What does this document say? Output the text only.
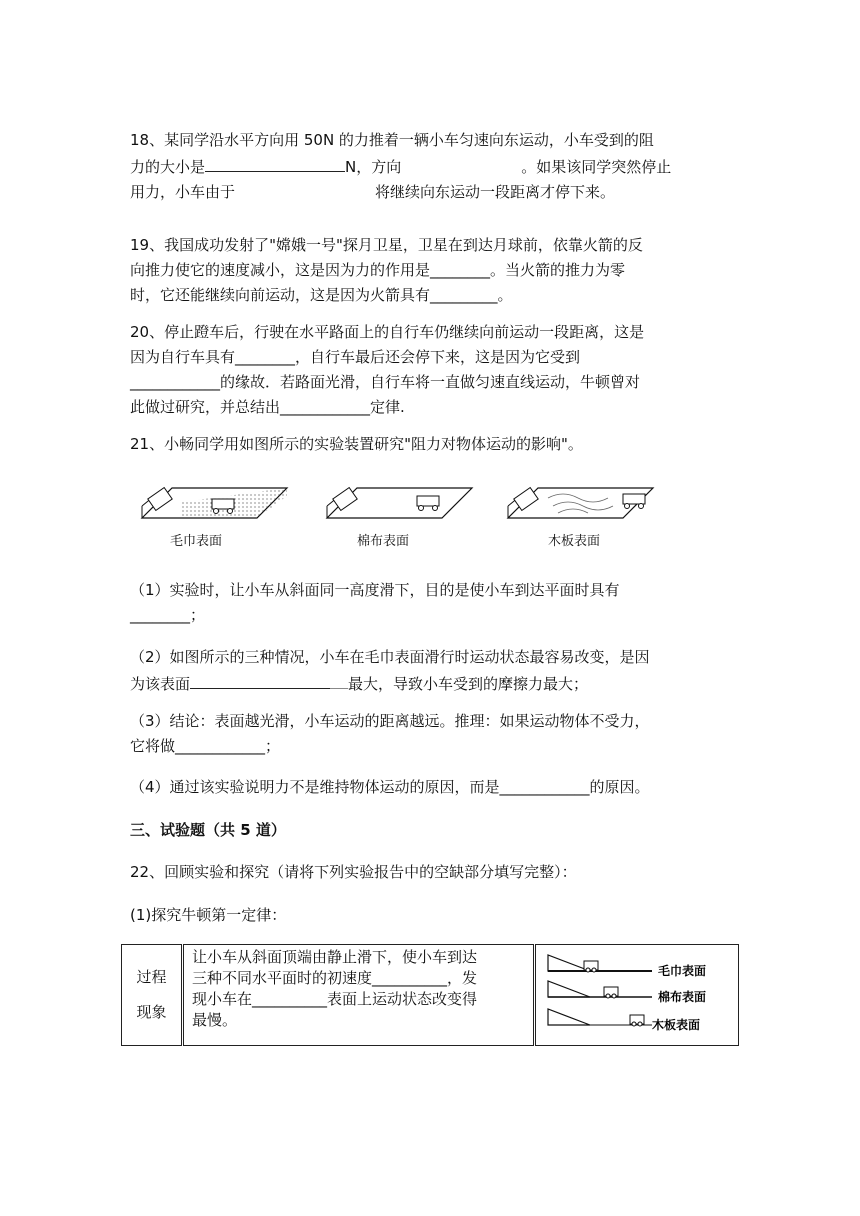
18、某同学沿水平方向用 50N 的力推着一辆小车匀速向东运动，小车受到的阻
力的大小是	N，方向	。如果该同学突然停止
用力，小车由于	将继续向东运动一段距离才停下来。
19、我国成功发射了"嫦娥一号"探月卫星，卫星在到达月球前，依靠火箭的反
向推力使它的速度减小，这是因为力的作用是________。当火箭的推力为零
时，它还能继续向前运动，这是因为火箭具有_________。
20、停止蹬车后，行驶在水平路面上的自行车仍继续向前运动一段距离，这是
因为自行车具有________，自行车最后还会停下来，这是因为它受到
____________的缘故．若路面光滑，自行车将一直做匀速直线运动，牛顿曾对
此做过研究，并总结出____________定律.
21、小畅同学用如图所示的实验装置研究"阻力对物体运动的影响"。
毛巾表面	棉布表面	木板表面
（1）实验时，让小车从斜面同一高度滑下，目的是使小车到达平面时具有
________；
（2）如图所示的三种情况，小车在毛巾表面滑行时运动状态最容易改变，是因
为该表面	最大，导致小车受到的摩擦力最大；
（3）结论：表面越光滑，小车运动的距离越远。推理：如果运动物体不受力，
它将做____________；
（4）通过该实验说明力不是维持物体运动的原因，而是____________的原因。
三、试验题（共 5 道）
22、回顾实验和探究（请将下列实验报告中的空缺部分填写完整）：
(1)探究牛顿第一定律：
过程
现象

让小车从斜面顶端由静止滑下，使小车到达
三种不同水平面时的初速度__________，发
现小车在__________表面上运动状态改变得
最慢。

毛巾表面
棉布表面
木板表面
